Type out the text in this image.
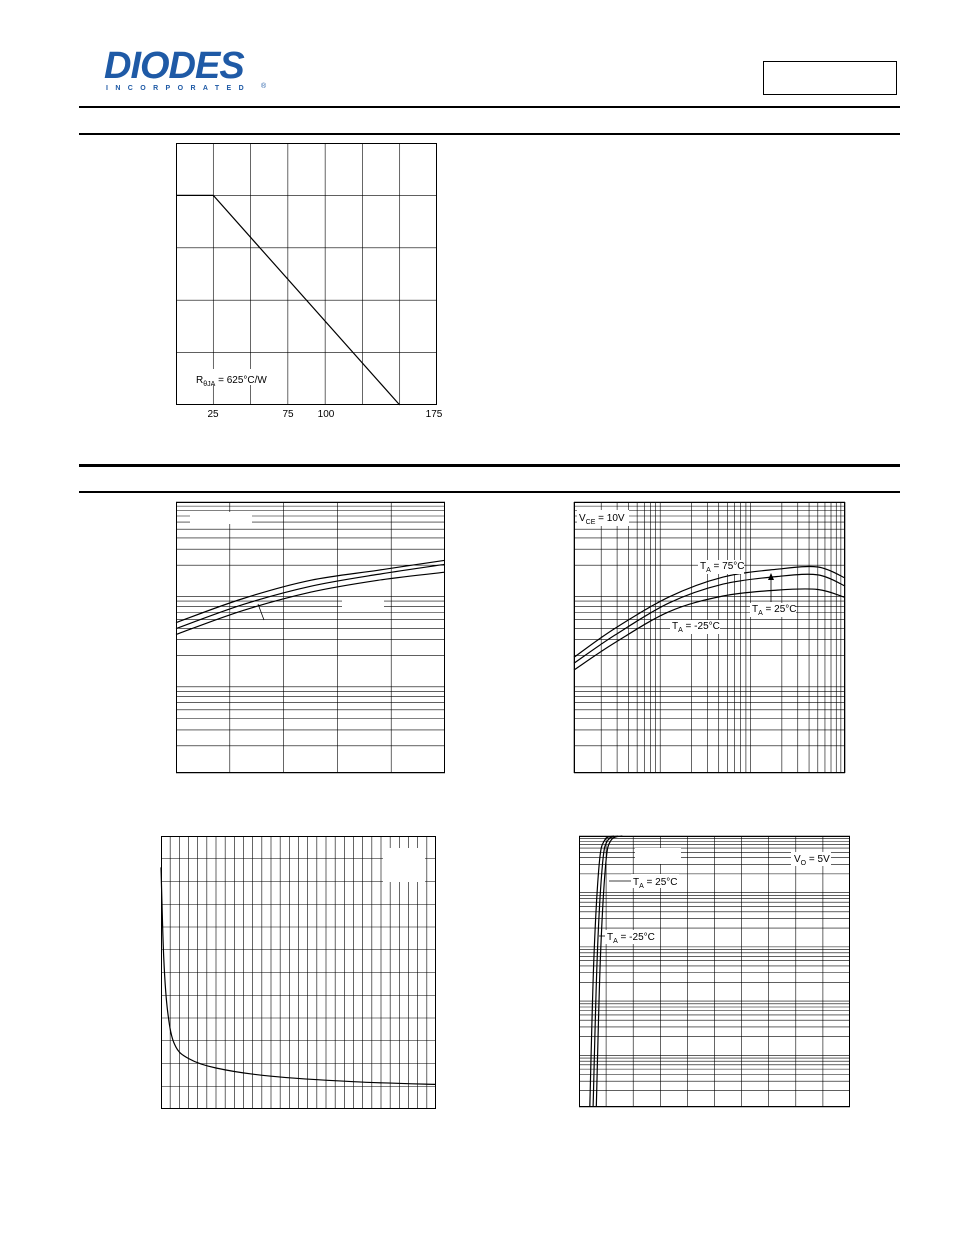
DIODES
INCORPORATED ®
$R_{\theta JA} = 625^\circ C/W$
25	75 100	175
$V_{CE} = 10V$
$T_A = 75^\circ C$
$T_A = 25^\circ C$
$T_A = -25^\circ C$
$V_O = 5V$
$T_A = 25^\circ C$
$T_A = -25^\circ C$
